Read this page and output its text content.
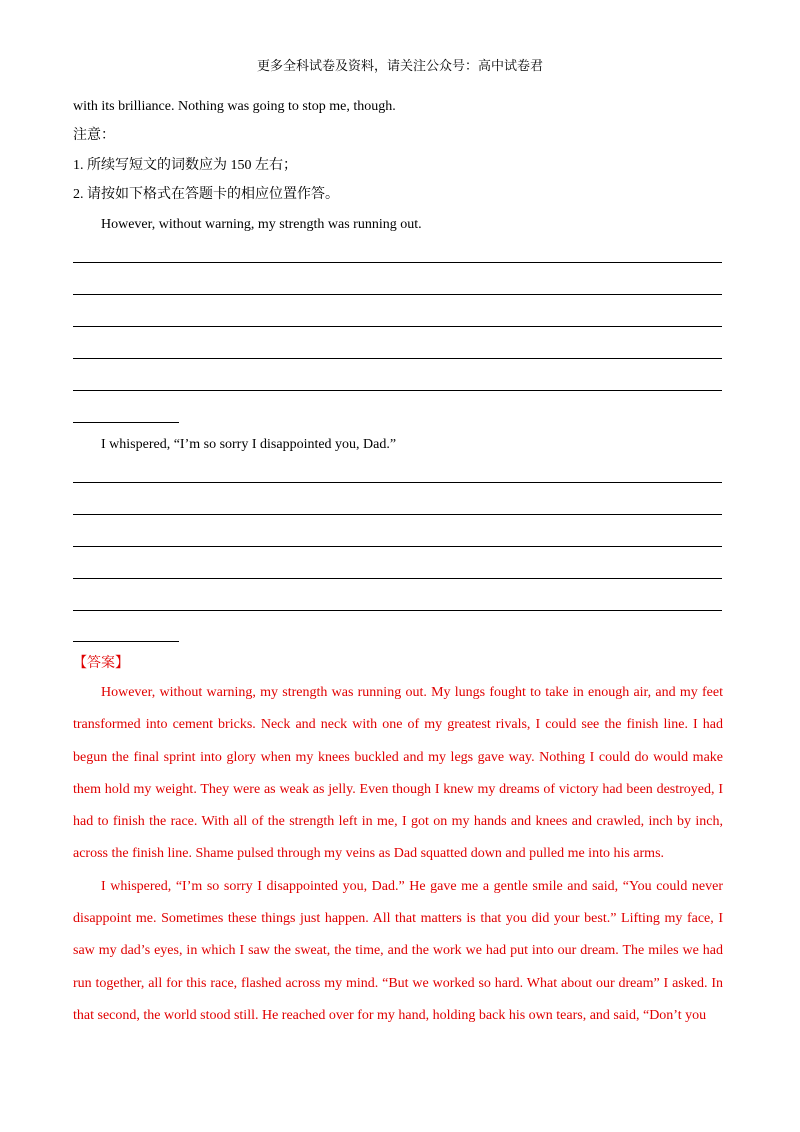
更多全科试卷及资料，请关注公众号：高中试卷君
with its brilliance. Nothing was going to stop me, though.
注意：
1. 所续写短文的词数应为 150 左右；
2. 请按如下格式在答题卡的相应位置作答。
However, without warning, my strength was running out.
I whispered, “I’m so sorry I disappointed you, Dad.”
【答案】

However, without warning, my strength was running out. My lungs fought to take in enough air, and my feet transformed into cement bricks. Neck and neck with one of my greatest rivals, I could see the finish line. I had begun the final sprint into glory when my knees buckled and my legs gave way. Nothing I could do would make them hold my weight. They were as weak as jelly. Even though I knew my dreams of victory had been destroyed, I had to finish the race. With all of the strength left in me, I got on my hands and knees and crawled, inch by inch, across the finish line. Shame pulsed through my veins as Dad squatted down and pulled me into his arms.

I whispered, “I’m so sorry I disappointed you, Dad.” He gave me a gentle smile and said, “You could never disappoint me. Sometimes these things just happen. All that matters is that you did your best.” Lifting my face, I saw my dad’s eyes, in which I saw the sweat, the time, and the work we had put into our dream. The miles we had run together, all for this race, flashed across my mind. “But we worked so hard. What about our dream” I asked. In that second, the world stood still. He reached over for my hand, holding back his own tears, and said, “Don’t you
